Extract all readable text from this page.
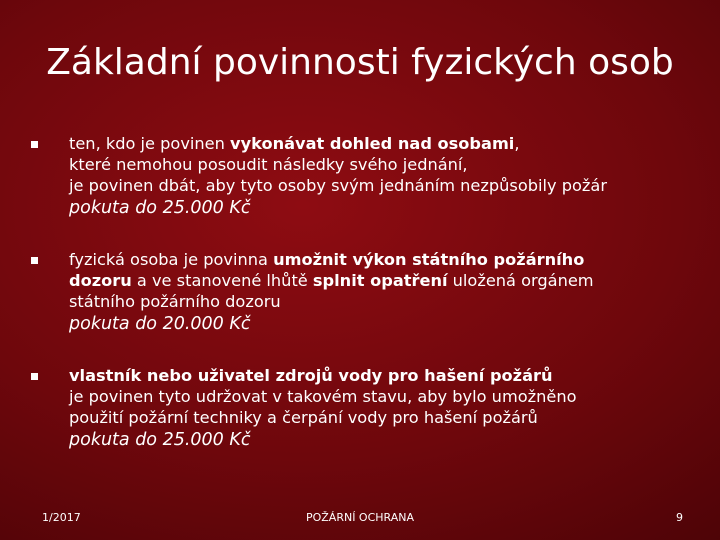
Základní povinnosti fyzických osob
ten, kdo je povinen vykonávat dohled nad osobami,
které nemohou posoudit následky svého jednání,
je povinen dbát, aby tyto osoby svým jednáním nezpůsobily požár
pokuta do 25.000 Kč
fyzická osoba je povinna umožnit výkon státního požárního
dozoru a ve stanovené lhůtě splnit opatření uložená orgánem
státního požárního dozoru
pokuta do 20.000 Kč
vlastník nebo uživatel zdrojů vody pro hašení požárů
je povinen tyto udržovat v takovém stavu, aby bylo umožněno
použití požární techniky a čerpání vody pro hašení požárů
pokuta do 25.000 Kč
1/2017	POŽÁRNÍ OCHRANA	9
